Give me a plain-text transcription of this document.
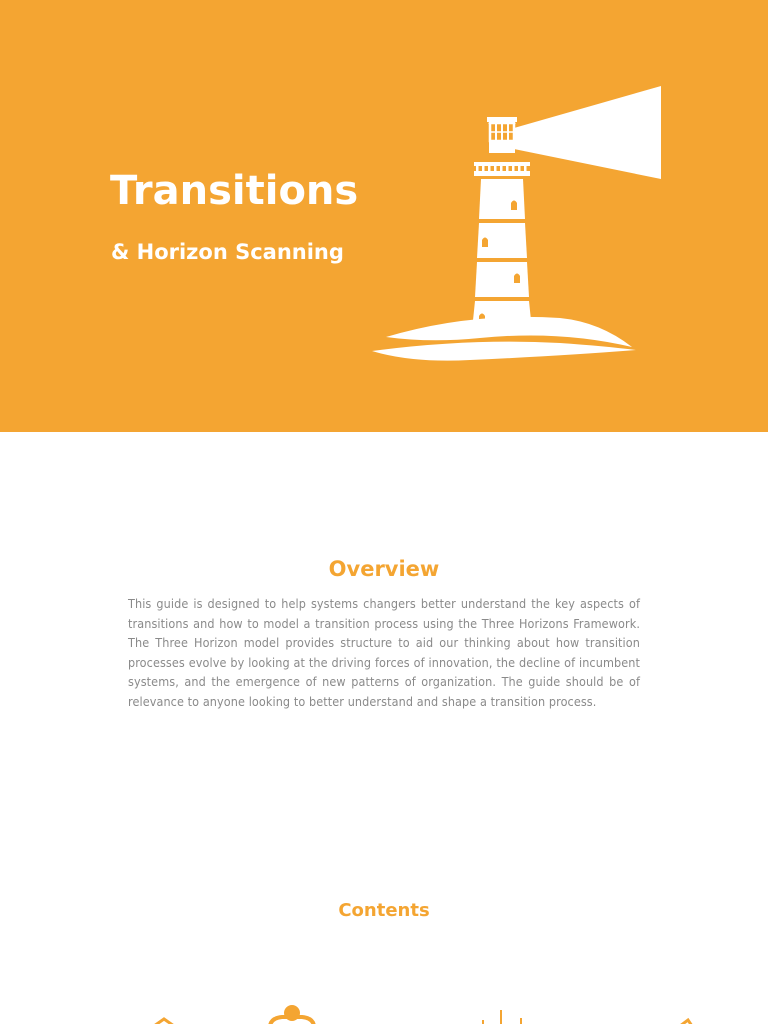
Transitions
& Horizon Scanning
Overview

This guide is designed to help systems changers better understand the key aspects of transitions and how to model a transition process using the Three Horizons Framework. The Three Horizon model provides structure to aid our thinking about how transition processes evolve by looking at the driving forces of innovation, the decline of incumbent systems, and the emergence of new patterns of organization. The guide should be of relevance to anyone looking to better understand and shape a transition process.

Contents
